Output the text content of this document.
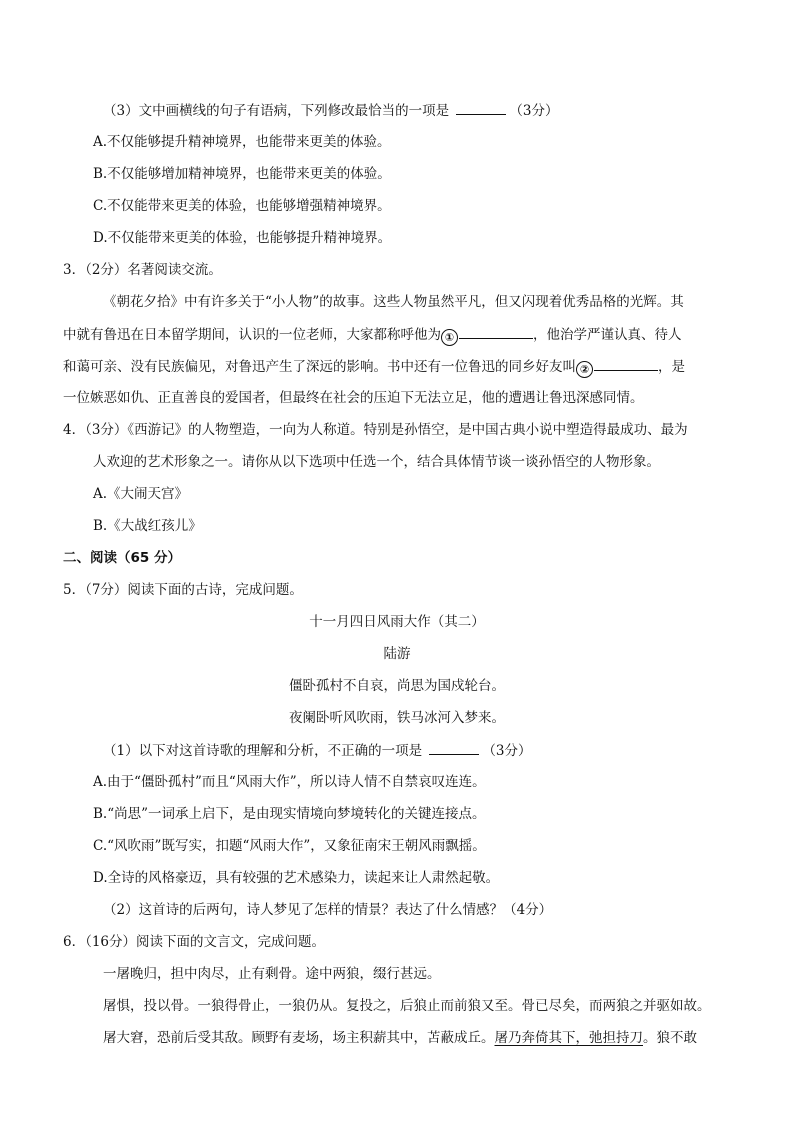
（3）文中画横线的句子有语病，下列修改最恰当的一项是	（3分）
A.不仅能够提升精神境界，也能带来更美的体验。
B.不仅能够增加精神境界，也能带来更美的体验。
C.不仅能带来更美的体验，也能够增强精神境界。
D.不仅能带来更美的体验，也能够提升精神境界。
3．（2分）名著阅读交流。
《朝花夕拾》中有许多关于“小人物”的故事。这些人物虽然平凡，但又闪现着优秀品格的光辉。其
中就有鲁迅在日本留学期间，认识的一位老师，大家都称呼他为 ①	，他治学严谨认真、待人
和蔼可亲、没有民族偏见，对鲁迅产生了深远的影响。书中还有一位鲁迅的同乡好友叫 ②	，是
一位嫉恶如仇、正直善良的爱国者，但最终在社会的压迫下无法立足，他的遭遇让鲁迅深感同情。
4．（3分）《西游记》的人物塑造，一向为人称道。特别是孙悟空，是中国古典小说中塑造得最成功、最为
人欢迎的艺术形象之一。请你从以下选项中任选一个，结合具体情节谈一谈孙悟空的人物形象。
A.《大闹天宫》
B.《大战红孩儿》
二、阅读（65 分）
5．（7分）阅读下面的古诗，完成问题。
十一月四日风雨大作（其二）
陆游
僵卧孤村不自哀，尚思为国戍轮台。
夜阑卧听风吹雨，铁马冰河入梦来。
（1）以下对这首诗歌的理解和分析，不正确的一项是	（3分）
A.由于“僵卧孤村”而且“风雨大作”，所以诗人情不自禁哀叹连连。
B.“尚思”一词承上启下，是由现实情境向梦境转化的关键连接点。
C.“风吹雨”既写实，扣题“风雨大作”，又象征南宋王朝风雨飘摇。
D.全诗的风格豪迈，具有较强的艺术感染力，读起来让人肃然起敬。
（2）这首诗的后两句，诗人梦见了怎样的情景？表达了什么情感？（4分）
6．（16分）阅读下面的文言文，完成问题。
一屠晚归，担中肉尽，止有剩骨。途中两狼，缀行甚远。
屠惧，投以骨。一狼得骨止，一狼仍从。复投之，后狼止而前狼又至。骨已尽矣，而两狼之并驱如故。
屠大窘，恐前后受其敌。顾野有麦场，场主积薪其中，苫蔽成丘。屠乃奔倚其下，弛担持刀。狼不敢
